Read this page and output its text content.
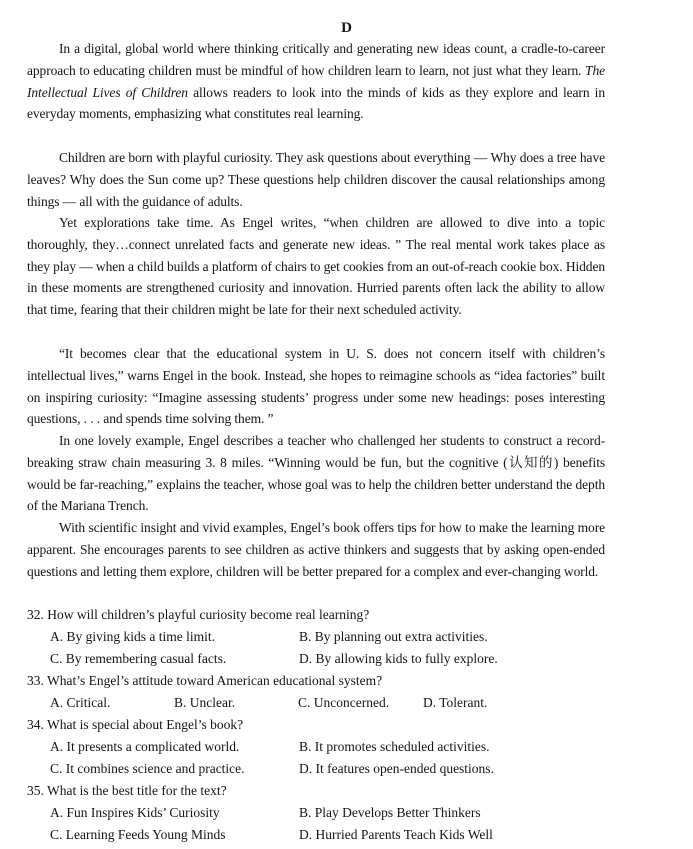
D

In a digital, global world where thinking critically and generating new ideas count, a cradle-to-career approach to educating children must be mindful of how children learn to learn, not just what they learn. The Intellectual Lives of Children allows readers to look into the minds of kids as they explore and learn in everyday moments, emphasizing what constitutes real learning.

Children are born with playful curiosity. They ask questions about everything — Why does a tree have leaves? Why does the Sun come up? These questions help children discover the causal relationships among things — all with the guidance of adults.

Yet explorations take time. As Engel writes, “when children are allowed to dive into a topic thoroughly, they…connect unrelated facts and generate new ideas. ” The real mental work takes place as they play — when a child builds a platform of chairs to get cookies from an out-of-reach cookie box. Hidden in these moments are strengthened curiosity and innovation. Hurried parents often lack the ability to allow that time, fearing that their children might be late for their next scheduled activity.

“It becomes clear that the educational system in U. S. does not concern itself with children’s intellectual lives,” warns Engel in the book. Instead, she hopes to reimagine schools as “idea factories” built on inspiring curiosity: “Imagine assessing students’ progress under some new headings: poses interesting questions, . . . and spends time solving them. ”

In one lovely example, Engel describes a teacher who challenged her students to construct a record-breaking straw chain measuring 3. 8 miles. “Winning would be fun, but the cognitive (认知的) benefits would be far-reaching,” explains the teacher, whose goal was to help the children better understand the depth of the Mariana Trench.

With scientific insight and vivid examples, Engel’s book offers tips for how to make the learning more apparent. She encourages parents to see children as active thinkers and suggests that by asking open-ended questions and letting them explore, children will be better prepared for a complex and ever-changing world.

32. How will children’s playful curiosity become real learning?

A. By giving kids a time limit.	B. By planning out extra activities.

C. By remembering casual facts.	D. By allowing kids to fully explore.

33. What’s Engel’s attitude toward American educational system?

A. Critical.	B. Unclear.	C. Unconcerned.	D. Tolerant.

34. What is special about Engel’s book?

A. It presents a complicated world.	B. It promotes scheduled activities.

C. It combines science and practice.	D. It features open-ended questions.

35. What is the best title for the text?

A. Fun Inspires Kids’ Curiosity	B. Play Develops Better Thinkers

C. Learning Feeds Young Minds	D. Hurried Parents Teach Kids Well
